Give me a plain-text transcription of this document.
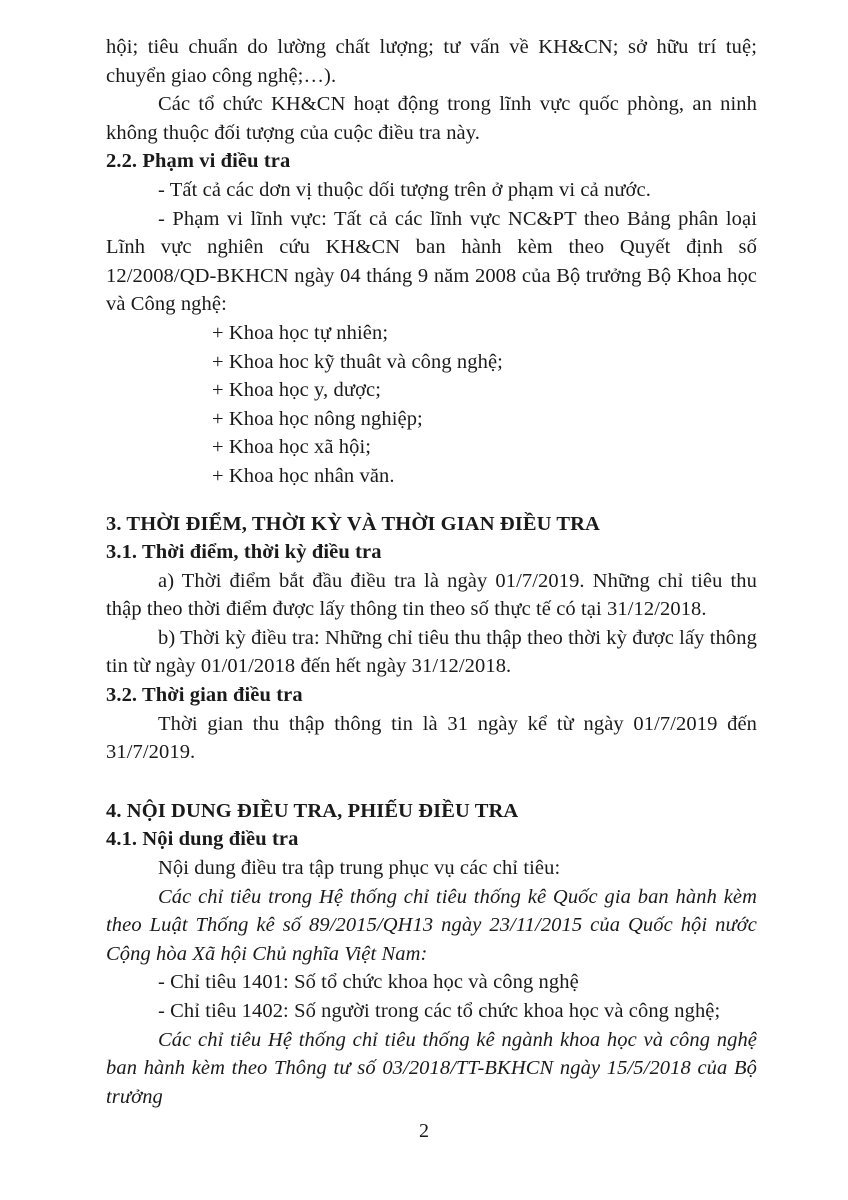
hội; tiêu chuẩn do lường chất lượng; tư vấn về KH&CN; sở hữu trí tuệ; chuyển giao công nghệ;…).

Các tổ chức KH&CN hoạt động trong lĩnh vực quốc phòng, an ninh không thuộc đối tượng của cuộc điều tra này.

2.2. Phạm vi điều tra

- Tất cả các dơn vị thuộc dối tượng trên ở phạm vi cả nước.

- Phạm vi lĩnh vực: Tất cả các lĩnh vực NC&PT theo Bảng phân loại Lĩnh vực nghiên cứu KH&CN ban hành kèm theo Quyết định số 12/2008/QD-BKHCN ngày 04 tháng 9 năm 2008 của Bộ trưởng Bộ Khoa học và Công nghệ:

+ Khoa học tự nhiên;

+ Khoa hoc kỹ thuât và công nghệ;

+ Khoa học y, dược;

+ Khoa học nông nghiệp;

+ Khoa học xã hội;

+ Khoa học nhân văn.

3. THỜI ĐIỂM, THỜI KỲ VÀ THỜI GIAN ĐIỀU TRA

3.1. Thời điểm, thời kỳ điều tra

a) Thời điểm bắt đầu điều tra là ngày 01/7/2019. Những chỉ tiêu thu thập theo thời điểm được lấy thông tin theo số thực tế có tại 31/12/2018.

b) Thời kỳ điều tra: Những chỉ tiêu thu thập theo thời kỳ được lấy thông tin từ ngày 01/01/2018 đến hết ngày 31/12/2018.

3.2. Thời gian điều tra

Thời gian thu thập thông tin là 31 ngày kể từ ngày 01/7/2019 đến 31/7/2019.

4. NỘI DUNG ĐIỀU TRA, PHIẾU ĐIỀU TRA

4.1. Nội dung điều tra

Nội dung điều tra tập trung phục vụ các chỉ tiêu:

Các chỉ tiêu trong Hệ thống chỉ tiêu thống kê Quốc gia ban hành kèm theo Luật Thống kê số 89/2015/QH13 ngày 23/11/2015 của Quốc hội nước Cộng hòa Xã hội Chủ nghĩa Việt Nam:

- Chỉ tiêu 1401: Số tổ chức khoa học và công nghệ

- Chỉ tiêu 1402: Số người trong các tổ chức khoa học và công nghệ;

Các chỉ tiêu Hệ thống chỉ tiêu thống kê ngành khoa học và công nghệ ban hành kèm theo Thông tư số 03/2018/TT-BKHCN ngày 15/5/2018 của Bộ trưởng

2
